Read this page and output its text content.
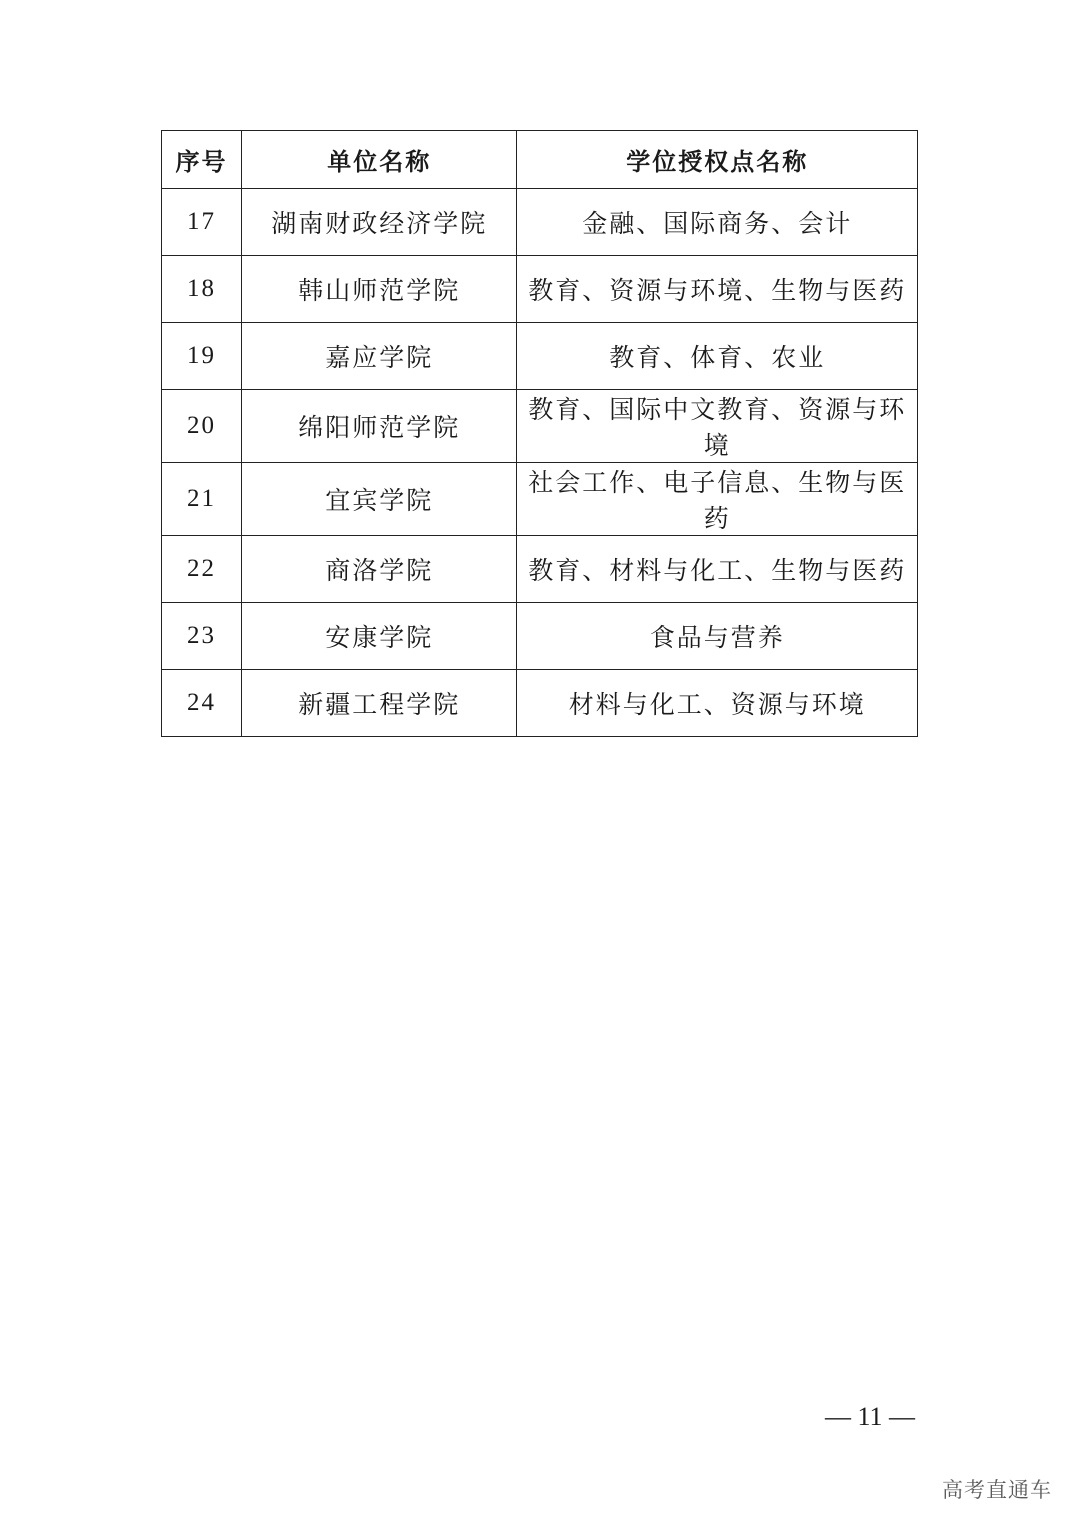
序号	单位名称	学位授权点名称
17	湖南财政经济学院	金融、国际商务、会计
18	韩山师范学院	教育、资源与环境、生物与医药
19	嘉应学院	教育、体育、农业
20	绵阳师范学院	教育、国际中文教育、资源与环境
21	宜宾学院	社会工作、电子信息、生物与医药
22	商洛学院	教育、材料与化工、生物与医药
23	安康学院	食品与营养
24	新疆工程学院	材料与化工、资源与环境
— 11 —
高考直通车
